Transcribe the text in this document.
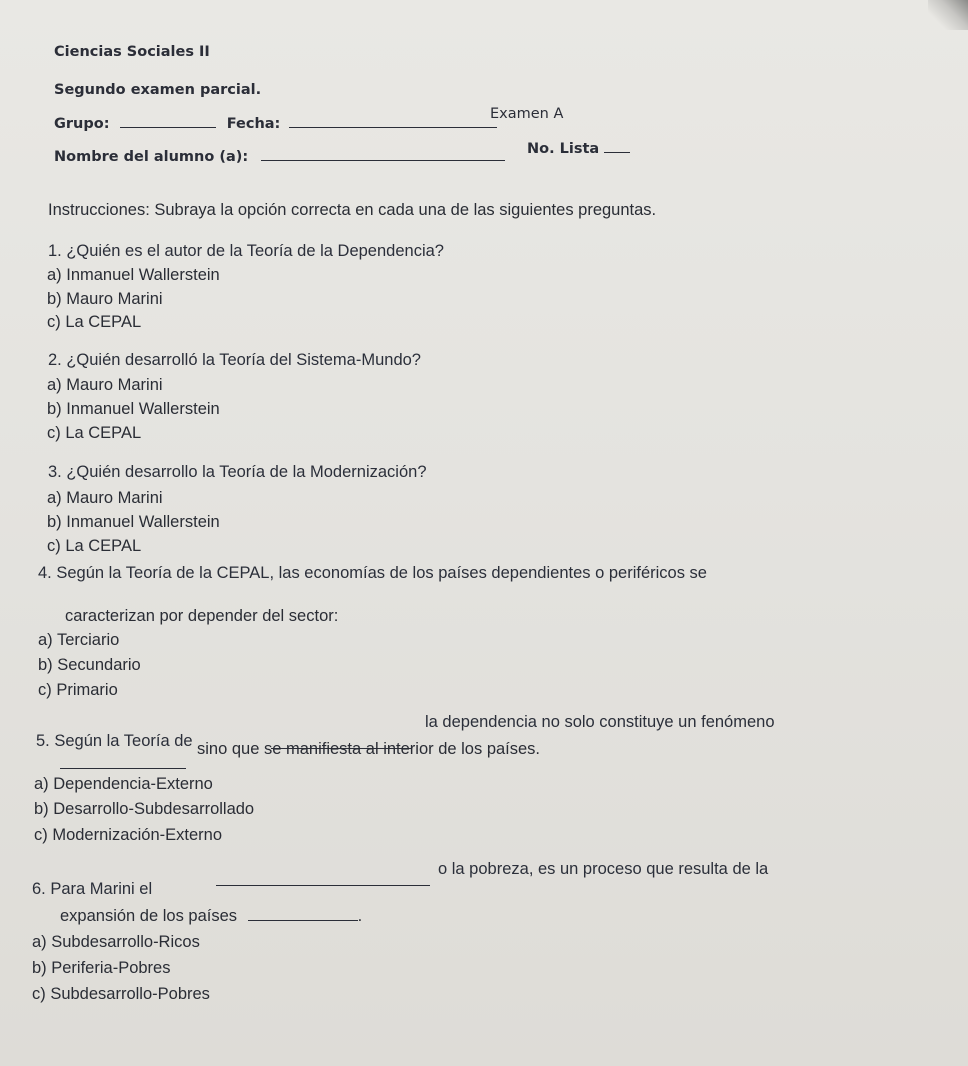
Ciencias Sociales II
Segundo examen parcial.
Grupo:	Fecha:
Examen A
Nombre del alumno (a):	No. Lista
Instrucciones: Subraya la opción correcta en cada una de las siguientes preguntas.
1. ¿Quién es el autor de la Teoría de la Dependencia?
a) Inmanuel Wallerstein
b) Mauro Marini
c) La CEPAL
2. ¿Quién desarrolló la Teoría del Sistema-Mundo?
a) Mauro Marini
b) Inmanuel Wallerstein
c) La CEPAL
3. ¿Quién desarrollo la Teoría de la Modernización?
a) Mauro Marini
b) Inmanuel Wallerstein
c) La CEPAL
4. Según la Teoría de la CEPAL, las economías de los países dependientes o periféricos se
caracterizan por depender del sector:
a) Terciario
b) Secundario
c) Primario
5. Según la Teoría de
la dependencia no solo constituye un fenómeno
sino que se manifiesta al interior de los países.
a) Dependencia-Externo
b) Desarrollo-Subdesarrollado
c) Modernización-Externo
6. Para Marini el
o la pobreza, es un proceso que resulta de la
expansión de los países	.
a) Subdesarrollo-Ricos
b) Periferia-Pobres
c) Subdesarrollo-Pobres
